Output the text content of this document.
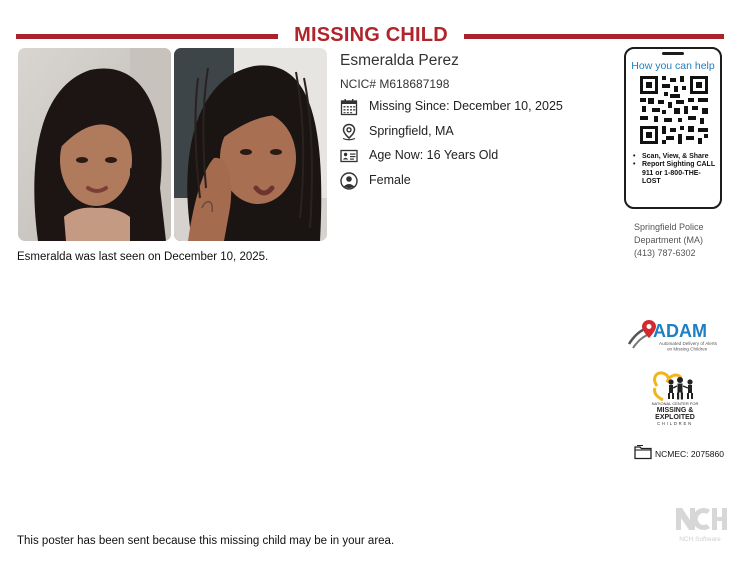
MISSING CHILD
Esmeralda was last seen on December 10, 2025.
Esmeralda Perez
NCIC# M618687198
Missing Since: December 10, 2025
Springfield, MA
Age Now: 16 Years Old
Female
How you can help
• Scan, View, & Share
• Report Sighting CALL 911 or 1-800-THE-LOST
Springfield Police
Department (MA)
(413) 787-6302
ADAM
Automated Delivery of Alerts
on Missing Children
NATIONAL CENTER FOR
MISSING &
EXPLOITED
CHILDREN
NCMEC: 2075860
NCH Software
This poster has been sent because this missing child may be in your area.
